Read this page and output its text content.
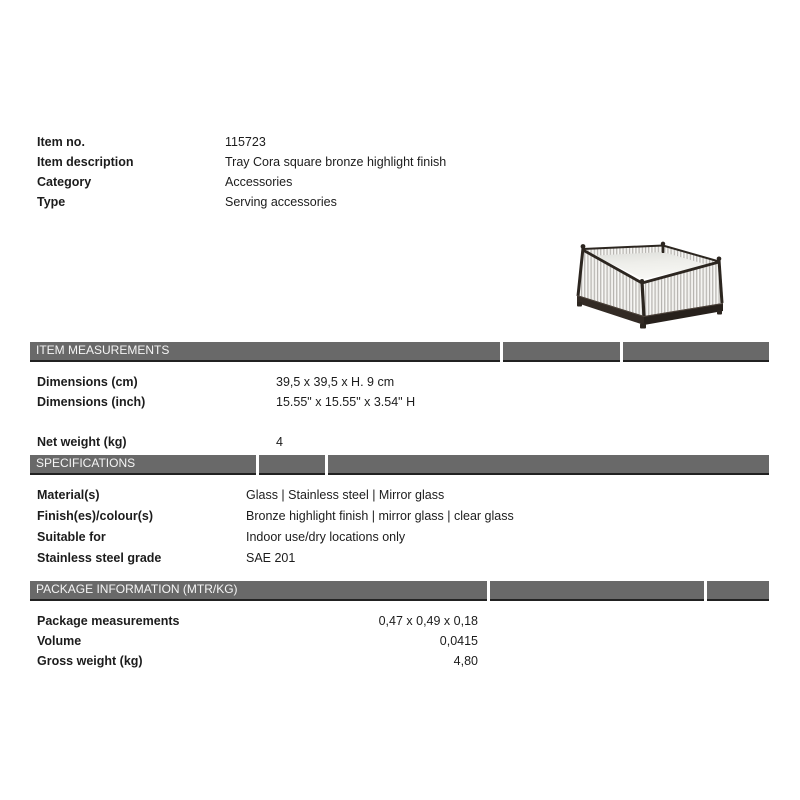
Item no.	115723
Item description	Tray Cora square bronze highlight finish
Category	Accessories
Type	Serving accessories
ITEM MEASUREMENTS
Dimensions (cm)	39,5 x 39,5 x H. 9 cm
Dimensions (inch)	15.55" x 15.55" x 3.54" H
Net weight (kg)	4
SPECIFICATIONS
Material(s)	Glass | Stainless steel | Mirror glass
Finish(es)/colour(s)	Bronze highlight finish | mirror glass | clear glass
Suitable for	Indoor use/dry locations only
Stainless steel grade	SAE 201
PACKAGE INFORMATION (MTR/KG)
Package measurements	0,47 x 0,49 x 0,18
Volume	0,0415
Gross weight (kg)	4,80
